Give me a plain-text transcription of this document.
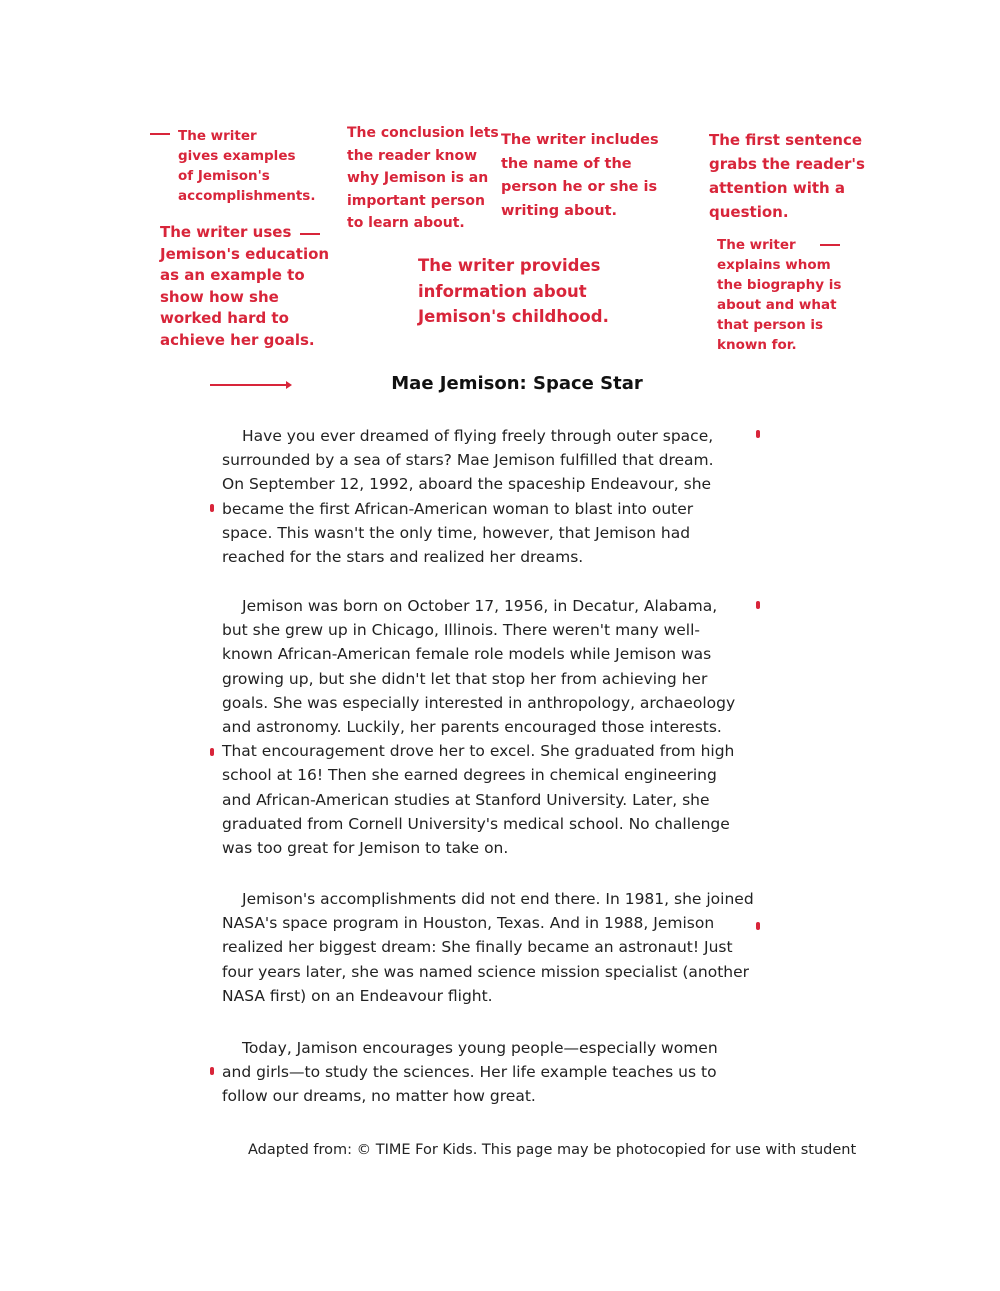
The writer
gives examples
of Jemison's
accomplishments.
The conclusion lets
the reader know
why Jemison is an
important person
to learn about.
The writer includes
the name of the
person he or she is
writing about.
The first sentence
grabs the reader's
attention with a
question.
The writer uses
Jemison's education
as an example to
show how she
worked hard to
achieve her goals.
The writer provides
information about
Jemison's childhood.
The writer
explains whom
the biography is
about and what
that person is
known for.
Mae Jemison: Space Star
Have you ever dreamed of flying freely through outer space,
surrounded by a sea of stars? Mae Jemison fulfilled that dream.
On September 12, 1992, aboard the spaceship Endeavour, she
became the first African-American woman to blast into outer
space. This wasn't the only time, however, that Jemison had
reached for the stars and realized her dreams.
Jemison was born on October 17, 1956, in Decatur, Alabama,
but she grew up in Chicago, Illinois. There weren't many well-
known African-American female role models while Jemison was
growing up, but she didn't let that stop her from achieving her
goals. She was especially interested in anthropology, archaeology
and astronomy. Luckily, her parents encouraged those interests.
That encouragement drove her to excel. She graduated from high
school at 16! Then she earned degrees in chemical engineering
and African-American studies at Stanford University. Later, she
graduated from Cornell University's medical school. No challenge
was too great for Jemison to take on.
Jemison's accomplishments did not end there. In 1981, she joined
NASA's space program in Houston, Texas. And in 1988, Jemison
realized her biggest dream: She finally became an astronaut! Just
four years later, she was named science mission specialist (another
NASA first) on an Endeavour flight.
Today, Jamison encourages young people—especially women
and girls—to study the sciences. Her life example teaches us to
follow our dreams, no matter how great.
Adapted from: © TIME For Kids. This page may be photocopied for use with student
